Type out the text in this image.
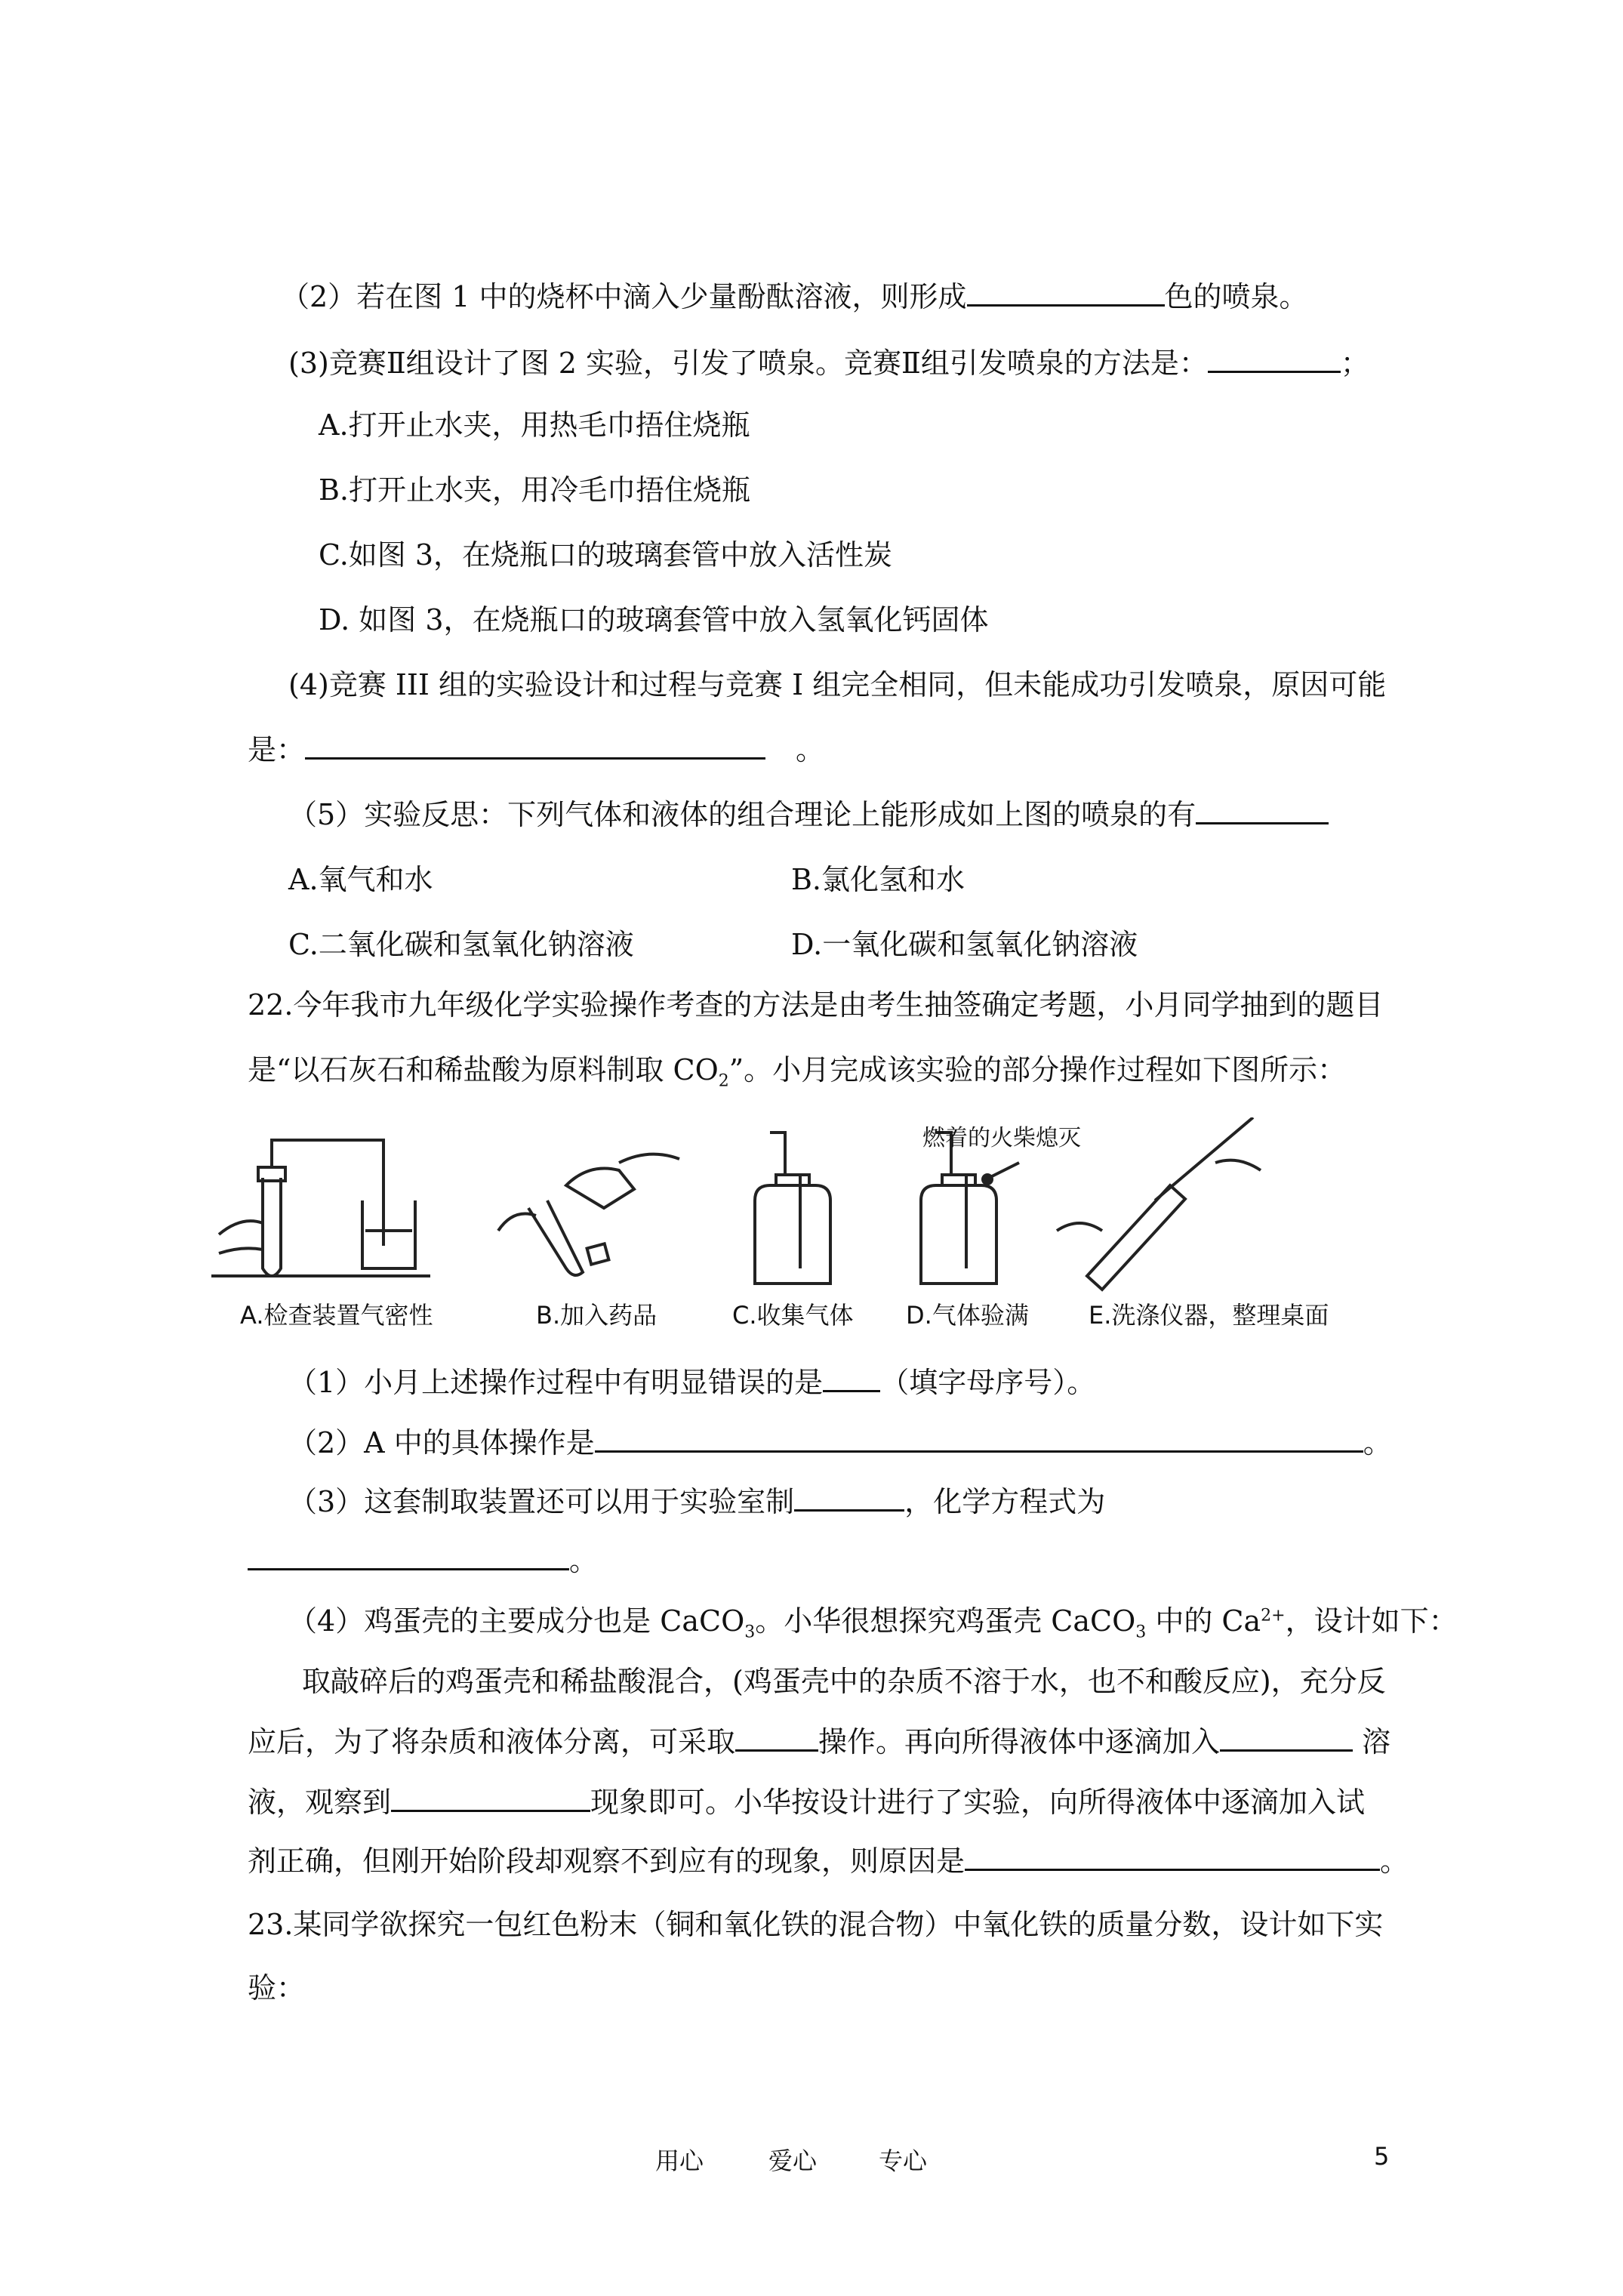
（2）若在图 1 中的烧杯中滴入少量酚酞溶液，则形成	色的喷泉。
(3)竞赛Ⅱ组设计了图 2 实验，引发了喷泉。竞赛Ⅱ组引发喷泉的方法是：	；
A.打开止水夹，用热毛巾捂住烧瓶
B.打开止水夹，用冷毛巾捂住烧瓶
C.如图 3，在烧瓶口的玻璃套管中放入活性炭
D. 如图 3，在烧瓶口的玻璃套管中放入氢氧化钙固体
(4)竞赛 III 组的实验设计和过程与竞赛 I 组完全相同，但未能成功引发喷泉，原因可能
是：	。
（5）实验反思：下列气体和液体的组合理论上能形成如上图的喷泉的有
A.氧气和水	B.氯化氢和水
C.二氧化碳和氢氧化钠溶液	D.一氧化碳和氢氧化钠溶液
22.今年我市九年级化学实验操作考查的方法是由考生抽签确定考题，小月同学抽到的题目
是“以石灰石和稀盐酸为原料制取 $CO_2$”。小月完成该实验的部分操作过程如下图所示：
燃着的火柴熄灭
A.检查装置气密性	B.加入药品	C.收集气体 D.气体验满 E.洗涤仪器，整理桌面
（1）小月上述操作过程中有明显错误的是 （填字母序号）。
（2）A 中的具体操作是	。
（3）这套制取装置还可以用于实验室制	，化学方程式为
。
（4）鸡蛋壳的主要成分也是 CaCO$_3$。小华很想探究鸡蛋壳 CaCO$_3$ 中的 $Ca^{2+}$，设计如下：
取敲碎后的鸡蛋壳和稀盐酸混合，(鸡蛋壳中的杂质不溶于水，也不和酸反应)，充分反
应后，为了将杂质和液体分离，可采取	操作。再向所得液体中逐滴加入	溶
液，观察到	现象即可。小华按设计进行了实验，向所得液体中逐滴加入试
剂正确，但刚开始阶段却观察不到应有的现象，则原因是	。
23.某同学欲探究一包红色粉末（铜和氧化铁的混合物）中氧化铁的质量分数，设计如下实
验：
用心	爱心	专心	5
